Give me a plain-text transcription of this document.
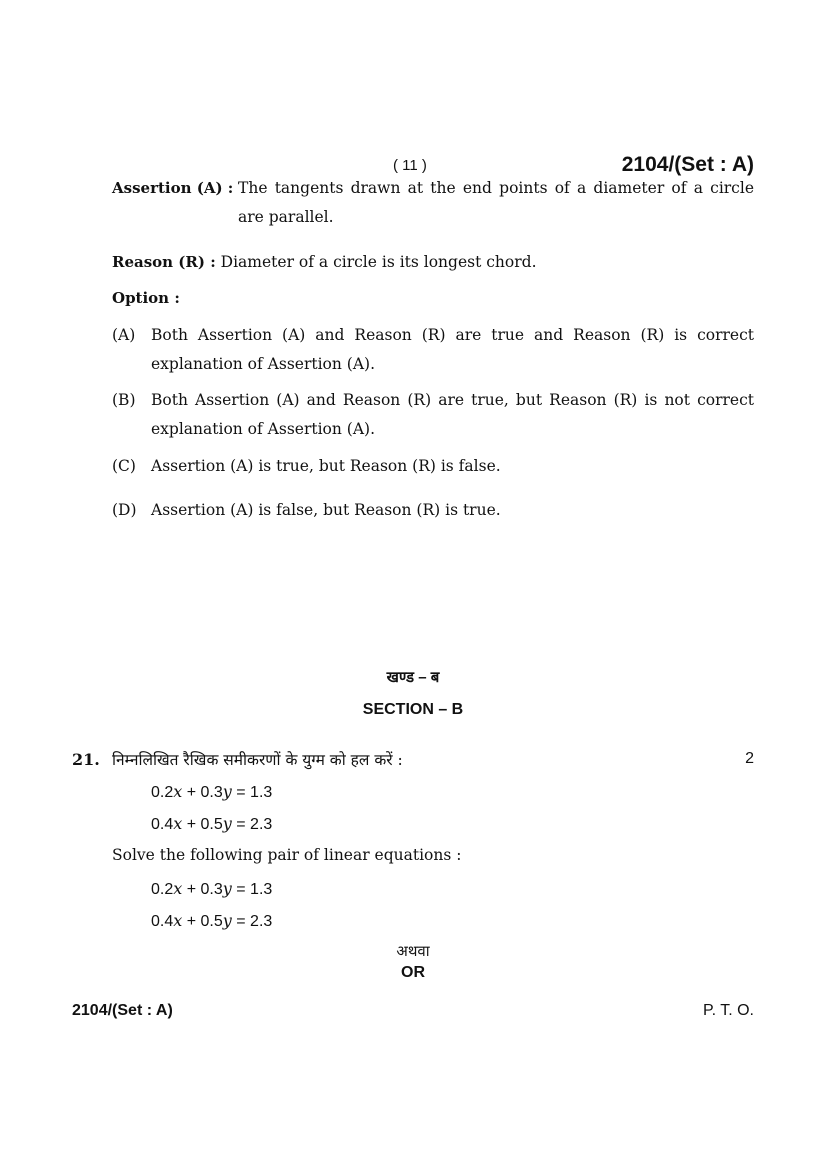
( 11 )	2104/(Set : A)
Assertion (A) : The tangents drawn at the end points of a diameter of a circle
are parallel.
Reason (R) : Diameter of a circle is its longest chord.
Option :
(A) Both Assertion (A) and Reason (R) are true and Reason (R) is correct
explanation of Assertion (A).
(B) Both Assertion (A) and Reason (R) are true, but Reason (R) is not correct
explanation of Assertion (A).
(C) Assertion (A) is true, but Reason (R) is false.
(D) Assertion (A) is false, but Reason (R) is true.
खण्ड – ब
SECTION – B
21. निम्नलिखित रैखिक समीकरणों के युग्म को हल करें :	2
0.2x + 0.3y = 1.3
0.4x + 0.5y = 2.3
Solve the following pair of linear equations :
0.2x + 0.3y = 1.3
0.4x + 0.5y = 2.3
अथवा
OR
2104/(Set : A)	P. T. O.
